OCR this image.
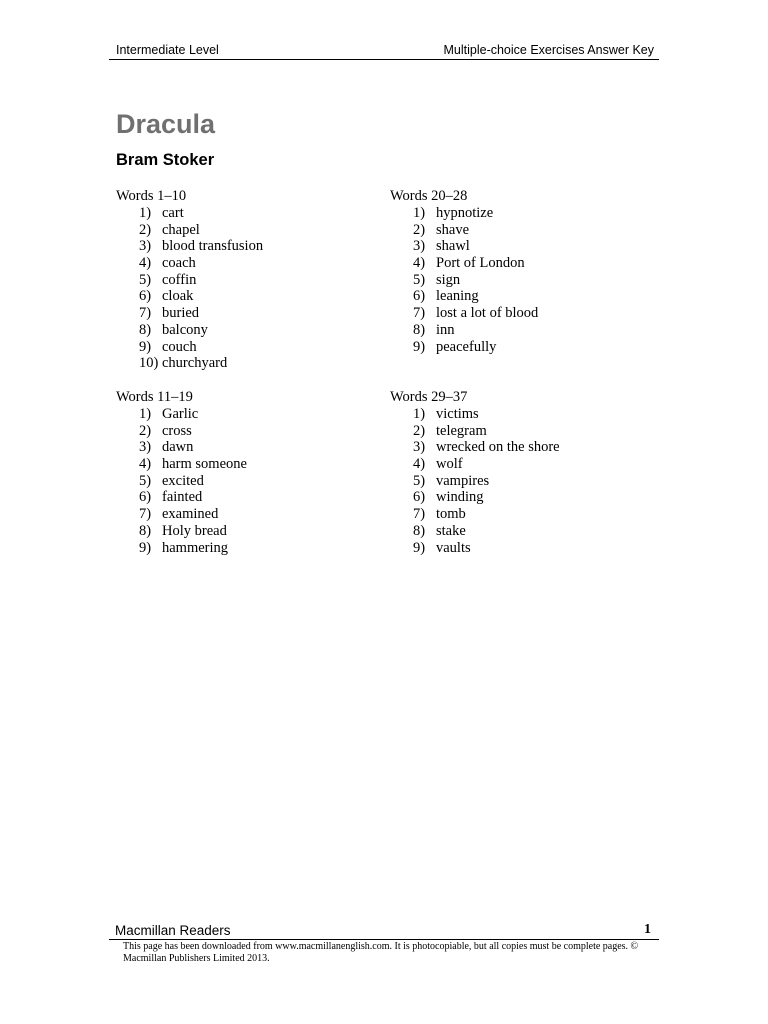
Intermediate Level	Multiple-choice Exercises Answer Key
Dracula
Bram Stoker
Words 1–10
1) cart
2) chapel
3) blood transfusion
4) coach
5) coffin
6) cloak
7) buried
8) balcony
9) couch
10) churchyard
Words 20–28
1) hypnotize
2) shave
3) shawl
4) Port of London
5) sign
6) leaning
7) lost a lot of blood
8) inn
9) peacefully
Words 11–19
1) Garlic
2) cross
3) dawn
4) harm someone
5) excited
6) fainted
7) examined
8) Holy bread
9) hammering
Words 29–37
1) victims
2) telegram
3) wrecked on the shore
4) wolf
5) vampires
6) winding
7) tomb
8) stake
9) vaults
Macmillan Readers	1
This page has been downloaded from www.macmillanenglish.com. It is photocopiable, but all copies must be complete pages. © Macmillan Publishers Limited 2013.
